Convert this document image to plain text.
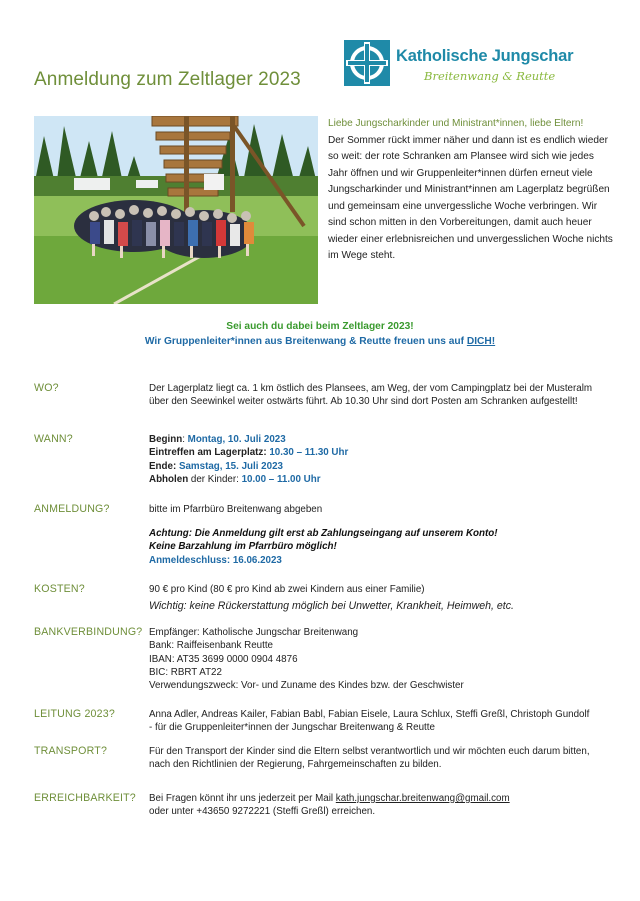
Anmeldung zum Zeltlager 2023
Katholische Jungschar
Breitenwang & Reutte
Liebe Jungscharkinder und Ministrant*innen, liebe Eltern!
Der Sommer rückt immer näher und dann ist es endlich wieder so weit: der rote Schranken am Plansee wird sich wie jedes Jahr öffnen und wir Gruppenleiter*innen dürfen erneut viele Jungscharkinder und Ministrant*innen am Lagerplatz begrüßen und gemeinsam eine unvergessliche Woche verbringen. Wir sind schon mitten in den Vorbereitungen, damit auch heuer wieder einer erlebnisreichen und unvergesslichen Woche nichts im Wege steht.
Sei auch du dabei beim Zeltlager 2023!
Wir Gruppenleiter*innen aus Breitenwang & Reutte freuen uns auf DICH!
WO?	Der Lagerplatz liegt ca. 1 km östlich des Plansees, am Weg, der vom Campingplatz bei der Musteralm über den Seewinkel weiter ostwärts führt. Ab 10.30 Uhr sind dort Posten am Schranken aufgestellt!
WANN?	Beginn: Montag, 10. Juli 2023
Eintreffen am Lagerplatz: 10.30 – 11.30 Uhr
Ende: Samstag, 15. Juli 2023
Abholen der Kinder: 10.00 – 11.00 Uhr
ANMELDUNG?	bitte im Pfarrbüro Breitenwang abgeben
Achtung: Die Anmeldung gilt erst ab Zahlungseingang auf unserem Konto!
Keine Barzahlung im Pfarrbüro möglich!
Anmeldeschluss: 16.06.2023
KOSTEN?	90 € pro Kind (80 € pro Kind ab zwei Kindern aus einer Familie)
Wichtig: keine Rückerstattung möglich bei Unwetter, Krankheit, Heimweh, etc.
BANKVERBINDUNG? Empfänger: Katholische Jungschar Breitenwang
Bank: Raiffeisenbank Reutte
IBAN: AT35 3699 0000 0904 4876
BIC: RBRT AT22
Verwendungszweck: Vor- und Zuname des Kindes bzw. der Geschwister
LEITUNG 2023?	Anna Adler, Andreas Kailer, Fabian Babl, Fabian Eisele, Laura Schlux, Steffi Greßl, Christoph Gundolf - für die Gruppenleiter*innen der Jungschar Breitenwang & Reutte
TRANSPORT?	Für den Transport der Kinder sind die Eltern selbst verantwortlich und wir möchten euch darum bitten, nach den Richtlinien der Regierung, Fahrgemeinschaften zu bilden.
ERREICHBARKEIT? Bei Fragen könnt ihr uns jederzeit per Mail kath.jungschar.breitenwang@gmail.com
oder unter +43650 9272221 (Steffi Greßl) erreichen.
